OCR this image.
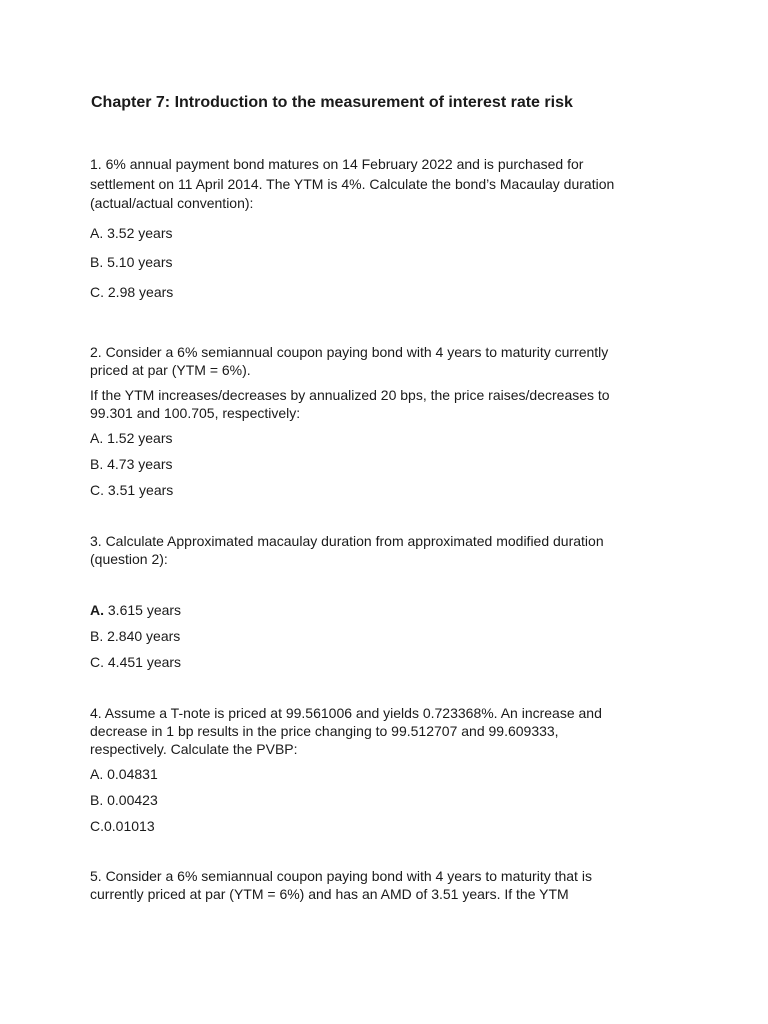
Chapter 7: Introduction to the measurement of interest rate risk
1. 6% annual payment bond matures on 14 February 2022 and is purchased for
settlement on 11 April 2014. The YTM is 4%. Calculate the bond’s Macaulay duration
(actual/actual convention):
A. 3.52 years
B. 5.10 years
C. 2.98 years
2. Consider a 6% semiannual coupon paying bond with 4 years to maturity currently
priced at par (YTM = 6%).
If the YTM increases/decreases by annualized 20 bps, the price raises/decreases to
99.301 and 100.705, respectively:
A. 1.52 years
B. 4.73 years
C. 3.51 years
3. Calculate Approximated macaulay duration from approximated modified duration
(question 2):
A. 3.615 years
B. 2.840 years
C. 4.451 years
4. Assume a T-note is priced at 99.561006 and yields 0.723368%. An increase and
decrease in 1 bp results in the price changing to 99.512707 and 99.609333,
respectively. Calculate the PVBP:
A. 0.04831
B. 0.00423
C.0.01013
5. Consider a 6% semiannual coupon paying bond with 4 years to maturity that is
currently priced at par (YTM = 6%) and has an AMD of 3.51 years. If the YTM
